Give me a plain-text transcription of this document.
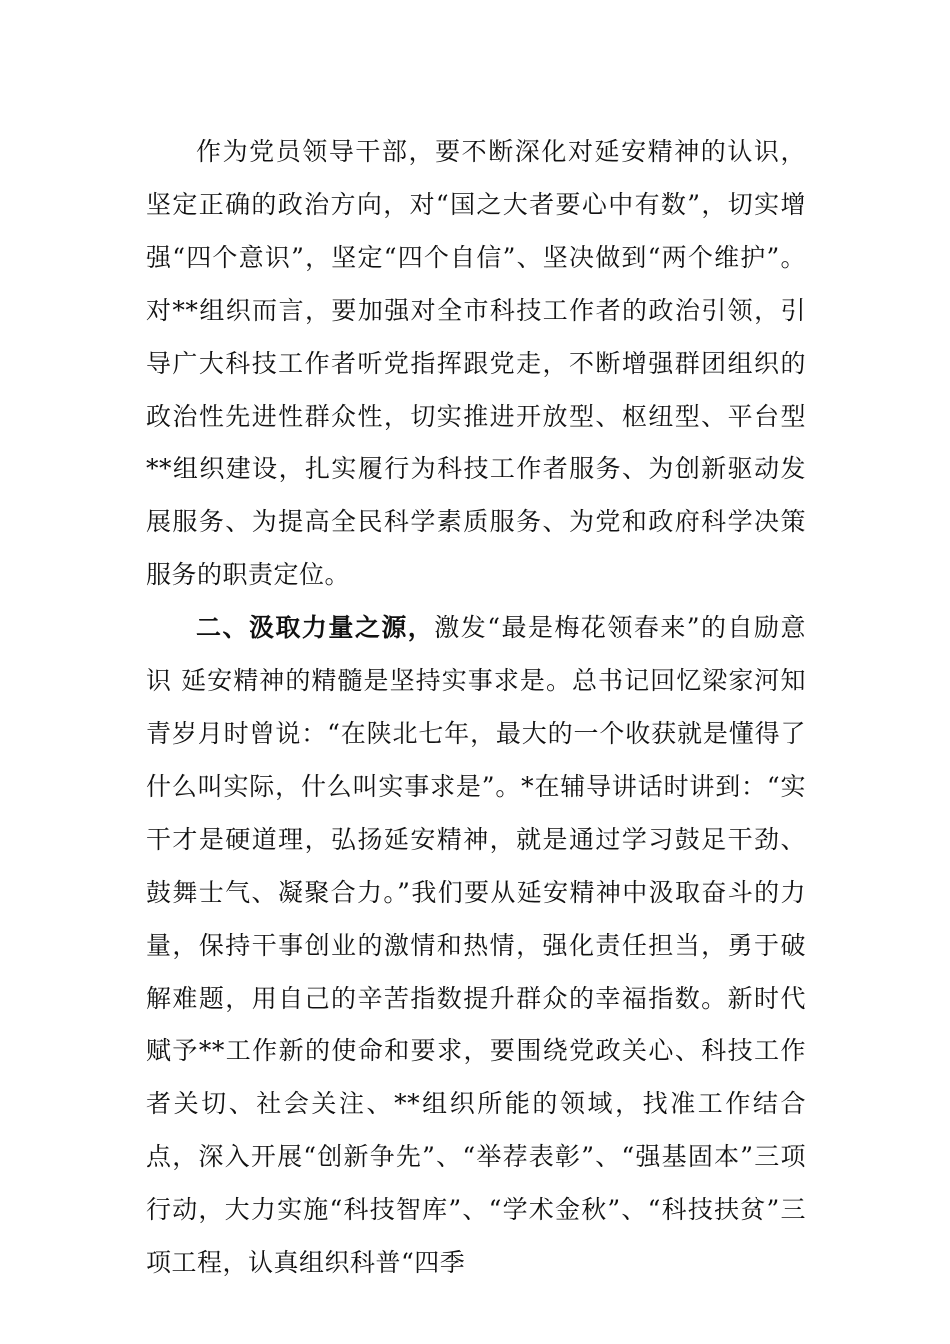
作为党员领导干部，要不断深化对延安精神的认识，坚定正确的政治方向，对“国之大者要心中有数”，切实增强“四个意识”，坚定“四个自信”、坚决做到“两个维护”。对**组织而言，要加强对全市科技工作者的政治引领，引导广大科技工作者听党指挥跟党走，不断增强群团组织的政治性先进性群众性，切实推进开放型、枢纽型、平台型**组织建设，扎实履行为科技工作者服务、为创新驱动发展服务、为提高全民科学素质服务、为党和政府科学决策服务的职责定位。

二、汲取力量之源，激发“最是梅花领春来”的自励意识 延安精神的精髓是坚持实事求是。总书记回忆梁家河知青岁月时曾说：“在陕北七年，最大的一个收获就是懂得了什么叫实际，什么叫实事求是”。*在辅导讲话时讲到：“实干才是硬道理，弘扬延安精神，就是通过学习鼓足干劲、鼓舞士气、凝聚合力。”我们要从延安精神中汲取奋斗的力量，保持干事创业的激情和热情，强化责任担当，勇于破解难题，用自己的辛苦指数提升群众的幸福指数。新时代赋予**工作新的使命和要求，要围绕党政关心、科技工作者关切、社会关注、**组织所能的领域，找准工作结合点，深入开展“创新争先”、“举荐表彰”、“强基固本”三项行动，大力实施“科技智库”、“学术金秋”、“科技扶贫”三项工程，认真组织科普“四季
